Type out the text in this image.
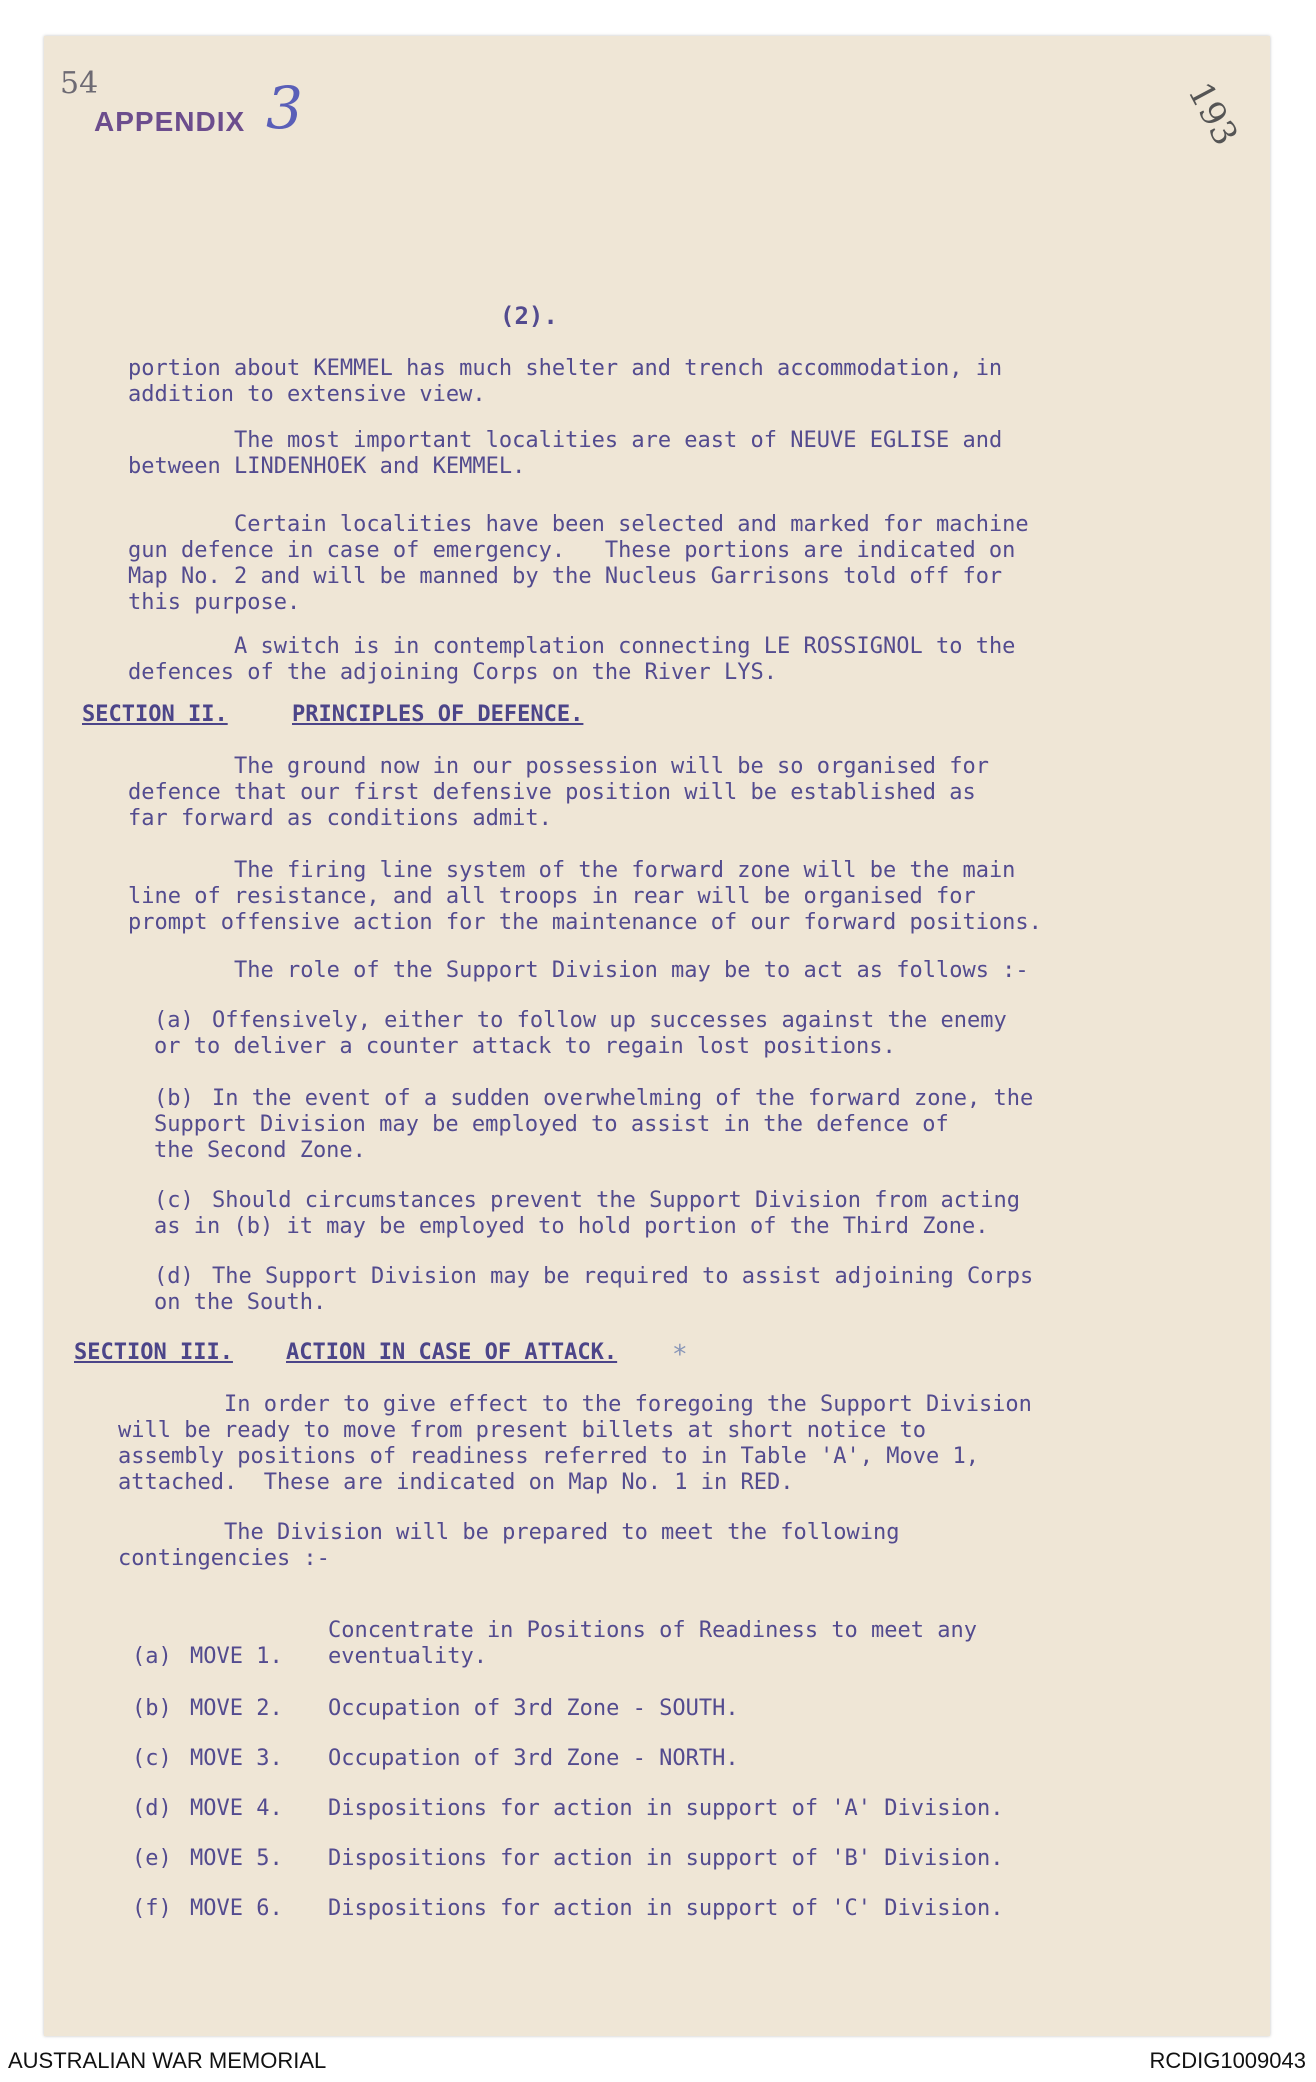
54
APPENDIX 3	193
(2).
portion about KEMMEL has much shelter and trench accommodation, in
addition to extensive view.
The most important localities are east of NEUVE EGLISE and
between LINDENHOEK and KEMMEL.
Certain localities have been selected and marked for machine
gun defence in case of emergency.   These portions are indicated on
Map No. 2 and will be manned by the Nucleus Garrisons told off for
this purpose.
A switch is in contemplation connecting LE ROSSIGNOL to the
defences of the adjoining Corps on the River LYS.
SECTION II.	PRINCIPLES OF DEFENCE.
The ground now in our possession will be so organised for
defence that our first defensive position will be established as
far forward as conditions admit.
The firing line system of the forward zone will be the main
line of resistance, and all troops in rear will be organised for
prompt offensive action for the maintenance of our forward positions.
The role of the Support Division may be to act as follows :-
(a) Offensively, either to follow up successes against the enemy
or to deliver a counter attack to regain lost positions.
(b) In the event of a sudden overwhelming of the forward zone, the
Support Division may be employed to assist in the defence of
the Second Zone.
(c) Should circumstances prevent the Support Division from acting
as in (b) it may be employed to hold portion of the Third Zone.
(d) The Support Division may be required to assist adjoining Corps
on the South.
SECTION III. ACTION IN CASE OF ATTACK. *
In order to give effect to the foregoing the Support Division
will be ready to move from present billets at short notice to
assembly positions of readiness referred to in Table 'A', Move 1,
attached.  These are indicated on Map No. 1 in RED.
The Division will be prepared to meet the following
contingencies :-
(a) MOVE 1.Concentrate in Positions of Readiness to meet any
eventuality.
(b) MOVE 2. Occupation of 3rd Zone - SOUTH.
(c) MOVE 3. Occupation of 3rd Zone - NORTH.
(d) MOVE 4. Dispositions for action in support of 'A' Division.
(e) MOVE 5. Dispositions for action in support of 'B' Division.
(f) MOVE 6. Dispositions for action in support of 'C' Division.
AUSTRALIAN WAR MEMORIAL	RCDIG1009043
